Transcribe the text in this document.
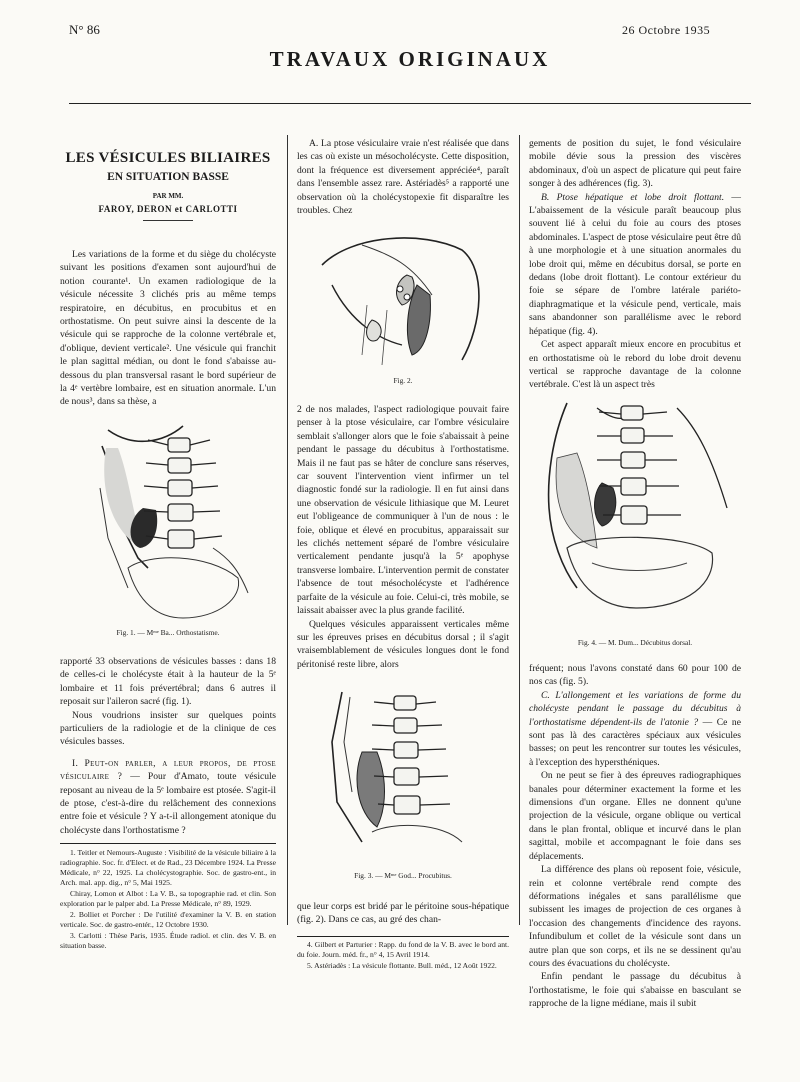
N° 86	26 Octobre 1935
TRAVAUX ORIGINAUX
LES VÉSICULES BILIAIRES
EN SITUATION BASSE
PAR MM.
FAROY, DERON et CARLOTTI

Les variations de la forme et du siège du cholécyste suivant les positions d'examen sont aujourd'hui de notion courante¹. Un examen radiologique de la vésicule nécessite 3 clichés pris au même temps respiratoire, en décubitus, en procubitus et en orthostatisme. On peut suivre ainsi la descente de la vésicule qui se rapproche de la colonne vertébrale et, d'oblique, devient verticale². Une vésicule qui franchit le plan sagittal médian, ou dont le fond s'abaisse au-dessous du plan transversal rasant le bord supérieur de la 4ᵉ vertèbre lombaire, est en situation anormale. L'un de nous³, dans sa thèse, a

Fig. 1. — Mᵐᵉ Ba... Orthostatisme.

rapporté 33 observations de vésicules basses : dans 18 de celles-ci le cholécyste était à la hauteur de la 5ᵉ lombaire et 11 fois prévertébral; dans 6 autres il reposait sur l'aileron sacré (fig. 1).

Nous voudrions insister sur quelques points particuliers de la radiologie et de la clinique de ces vésicules basses.

I. Peut-on parler, a leur propos, de ptose vésiculaire ? — Pour d'Amato, toute vésicule reposant au niveau de la 5ᵉ lombaire est ptosée. S'agit-il de ptose, c'est-à-dire du relâchement des connexions entre foie et vésicule ? Y a-t-il allongement atonique du cholécyste dans l'orthostatisme ?

1. Teitler et Nemours-Auguste : Visibilité de la vésicule biliaire à la radiographie. Soc. fr. d'Elect. et de Rad., 23 Décembre 1924. La Presse Médicale, n° 22, 1925. La cholécystographie. Soc. de gastro-ent., in Arch. mal. app. dig., n° 5, Mai 1925.

Chiray, Lomon et Albot : La V. B., sa topographie rad. et clin. Son exploration par le palper abd. La Presse Médicale, n° 89, 1929.

2. Bolliet et Porcher : De l'utilité d'examiner la V. B. en station verticale. Soc. de gastro-entér., 12 Octobre 1930.

3. Carlotti : Thèse Paris, 1935. Étude radiol. et clin. des V. B. en situation basse.

A. La ptose vésiculaire vraie n'est réalisée que dans les cas où existe un mésocholécyste. Cette disposition, dont la fréquence est diversement appréciée⁴, paraît dans l'ensemble assez rare. Astériadès⁵ a rapporté une observation où la cholécystopexie fit disparaître les troubles. Chez

Fig. 2.

2 de nos malades, l'aspect radiologique pouvait faire penser à la ptose vésiculaire, car l'ombre vésiculaire semblait s'allonger alors que le foie s'abaissait à peine pendant le passage du décubitus à l'orthostatisme. Mais il ne faut pas se hâter de conclure sans réserves, car souvent l'intervention vient infirmer un tel diagnostic fondé sur la radiologie. Il en fut ainsi dans une observation de vésicule lithiasique que M. Leuret eut l'obligeance de communiquer à l'un de nous : le foie, oblique et élevé en procubitus, apparaissait sur les clichés nettement séparé de l'ombre vésiculaire verticalement pendante jusqu'à la 5ᵉ apophyse transverse lombaire. L'intervention permit de constater l'absence de tout mésocholécyste et l'adhérence parfaite de la vésicule au foie. Celui-ci, très mobile, se laissait abaisser avec la plus grande facilité.

Quelques vésicules apparaissent verticales même sur les épreuves prises en décubitus dorsal ; il s'agit vraisemblablement de vésicules longues dont le fond péritonisé reste libre, alors

Fig. 3. — Mᵐᵉ God... Procubitus.

que leur corps est bridé par le péritoine sous-hépatique (fig. 2). Dans ce cas, au gré des chan-

4. Gilbert et Parturier : Rapp. du fond de la V. B. avec le bord ant. du foie. Journ. méd. fr., n° 4, 15 Avril 1914.

5. Astériadès : La vésicule flottante. Bull. méd., 12 Août 1922.

gements de position du sujet, le fond vésiculaire mobile dévie sous la pression des viscères abdominaux, d'où un aspect de plicature qui peut faire songer à des adhérences (fig. 3).

B. Ptose hépatique et lobe droit flottant. — L'abaissement de la vésicule paraît beaucoup plus souvent lié à celui du foie au cours des ptoses abdominales. L'aspect de ptose vésiculaire peut être dû à une morphologie et à une situation anormales du lobe droit qui, même en décubitus dorsal, se porte en dedans (lobe droit flottant). Le contour extérieur du foie se sépare de l'ombre latérale pariéto-diaphragmatique et la vésicule pend, verticale, mais sans abandonner son parallélisme avec le rebord hépatique (fig. 4).

Cet aspect apparaît mieux encore en procubitus et en orthostatisme où le rebord du lobe droit devenu vertical se rapproche davantage de la colonne vertébrale. C'est là un aspect très

Fig. 4. — M. Dum... Décubitus dorsal.

fréquent; nous l'avons constaté dans 60 pour 100 de nos cas (fig. 5).

C. L'allongement et les variations de forme du cholécyste pendant le passage du décubitus à l'orthostatisme dépendent-ils de l'atonie ? — Ce ne sont pas là des caractères spéciaux aux vésicules basses; on peut les rencontrer sur toutes les vésicules, à l'exception des hypersthéniques.

On ne peut se fier à des épreuves radiographiques banales pour déterminer exactement la forme et les dimensions d'un organe. Elles ne donnent qu'une projection de la vésicule, organe oblique ou vertical dans le plan frontal, oblique et incurvé dans le plan sagittal, mobile et accompagnant le foie dans ses déplacements.

La différence des plans où reposent foie, vésicule, rein et colonne vertébrale rend compte des déformations inégales et sans parallélisme que subissent les images de projection de ces organes à l'occasion des changements d'incidence des rayons. Infundibulum et collet de la vésicule sont dans un autre plan que son corps, et ils ne se dessinent qu'au cours des évacuations du cholécyste.

Enfin pendant le passage du décubitus à l'orthostatisme, le foie qui s'abaisse en basculant se rapproche de la ligne médiane, mais il subit
